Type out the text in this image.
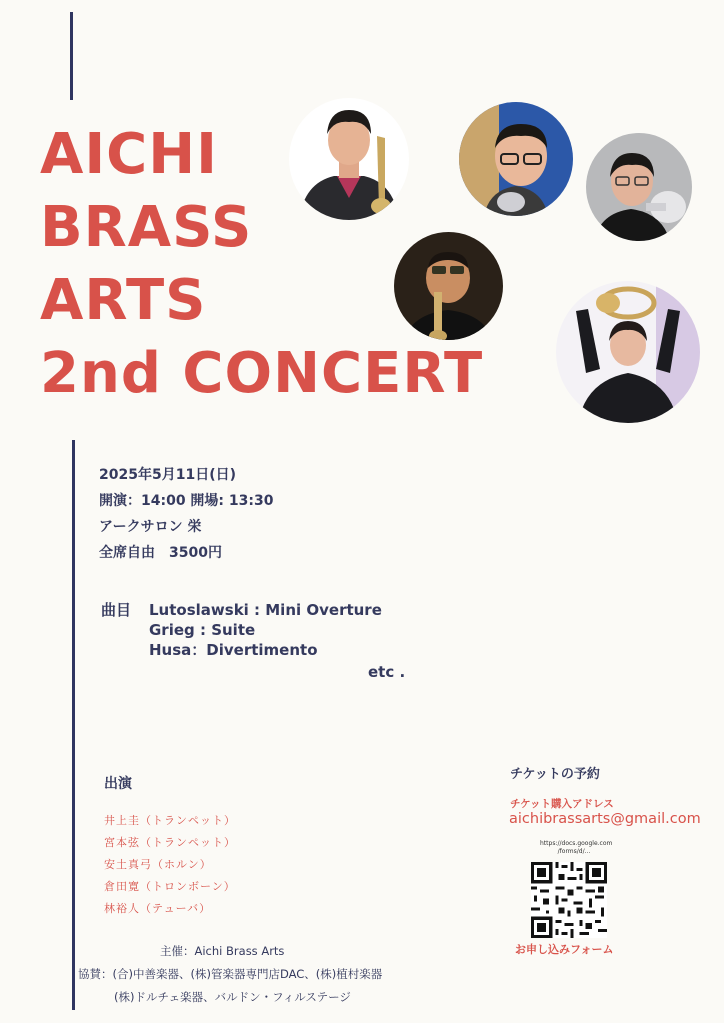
AICHI
BRASS
ARTS
2nd CONCERT
2025年5月11日(日)
開演：14:00 開場: 13:30
アークサロン 栄
全席自由　3500円
曲目	Lutoslawski : Mini Overture
Grieg : Suite
Husa：Divertimento
etc .
出演
井上圭（トランペット）
宮本弦（トランペット）
安土真弓（ホルン）
倉田寛（トロンボーン）
林裕人（テューバ）
主催：Aichi Brass Arts
協賛：(合)中善楽器、(株)管楽器専門店DAC、(株)植村楽器
(株)ドルチェ楽器、バルドン・フィルステージ
チケットの予約
チケット購入アドレス
aichibrassarts@gmail.com
https://docs.google.com
/forms/d/...
お申し込みフォーム
